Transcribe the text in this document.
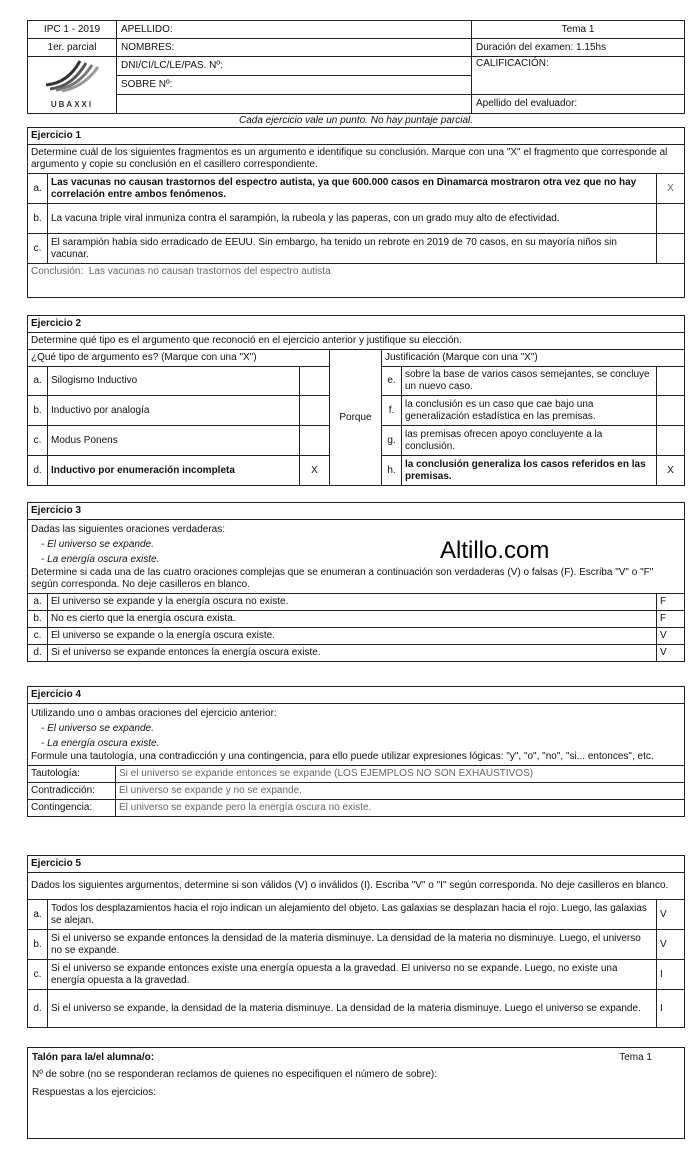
IPC 1 - 2019	APELLIDO:	Tema 1
1er. parcial	NOMBRES:	Duración del examen: 1.15hs

UBAXXI	DNI/CI/LC/LE/PAS. Nº:	CALIFICACIÓN:
	SOBRE Nº:	
		Apellido del evaluador:
Cada ejercicio vale un punto. No hay puntaje parcial.
Ejercicio 1		
Determine cuál de los siguientes fragmentos es un argumento e identifique su conclusión. Marque con una "X" el fragmento que corresponde al argumento y copie su conclusión en el casillero correspondiente.		
a.	Las vacunas no causan trastornos del espectro autista, ya que 600.000 casos en Dinamarca mostraron otra vez que no hay correlación entre ambos fenómenos.	X
b.	La vacuna triple viral inmuniza contra el sarampión, la rubeola y las paperas, con un grado muy alto de efectividad.	
c.	El sarampión había sido erradicado de EEUU. Sin embargo, ha tenido un rebrote en 2019 de 70 casos, en su mayoría niños sin vacunar.	
Conclusión: Las vacunas no causan trastornos del espectro autista		
Ejercicio 2						
Determine qué tipo es el argumento que reconoció en el ejercicio anterior y justifique su elección.						
¿Qué tipo de argumento es? (Marque con una "X")			Porque	Justificación (Marque con una "X")		
a.	Silogismo Inductivo			e.	sobre la base de varios casos semejantes, se concluye un nuevo caso.	
b.	Inductivo por analogía			f.	la conclusión es un caso que cae bajo una generalización estadística en las premisas.	
c.	Modus Ponens			g.	las premisas ofrecen apoyo concluyente a la conclusión.	
d.	Inductivo por enumeración incompleta	X		h.	la conclusión generaliza los casos referidos en las premisas.	X
Ejercicio 3		

Dadas las siguientes oraciones verdaderas:
- El universo se expande.
- La energía oscura existe.
Determine si cada una de las cuatro oraciones complejas que se enumeran a continuación son verdaderas (V) o falsas (F). Escriba "V" o "F" según corresponda. No deje casilleros en blanco.		

a.	El universo se expande y la energía oscura no existe.	F
b.	No es cierto que la energía oscura exista.	F
c.	El universo se expande o la energía oscura existe.	V
d.	Si el universo se expande entonces la energía oscura existe.	V
Altillo.com
Ejercicio 4	

Utilizando uno o ambas oraciones del ejercicio anterior:
- El universo se expande.
- La energía oscura existe.
Formule una tautología, una contradicción y una contingencia, para ello puede utilizar expresiones lógicas: "y", "o", "no", "si... entonces", etc.	

Tautología:	Si el universo se expande entonces se expande (LOS EJEMPLOS NO SON EXHAUSTIVOS)
Contradicción:	El universo se expande y no se expande.
Contingencia:	El universo se expande pero la energía oscura no existe.
Ejercicio 5		
Dados los siguientes argumentos, determine si son válidos (V) o inválidos (I). Escriba "V" o "I" según corresponda. No deje casilleros en blanco.		
a.	Todos los desplazamientos hacia el rojo indican un alejamiento del objeto. Las galaxias se desplazan hacia el rojo. Luego, las galaxias se alejan.	V
b.	Si el universo se expande entonces la densidad de la materia disminuye. La densidad de la materia no disminuye. Luego, el universo no se expande.	V
c.	Si el universo se expande entonces existe una energía opuesta a la gravedad. El universo no se expande. Luego, no existe una energía opuesta a la gravedad.	I
d.	Si el universo se expande, la densidad de la materia disminuye. La densidad de la materia disminuye. Luego el universo se expande.	I
Talón para la/el alumna/o:	Tema 1
Nº de sobre (no se responderan reclamos de quienes no especifiquen el número de sobre):
Respuestas a los ejercicios:
